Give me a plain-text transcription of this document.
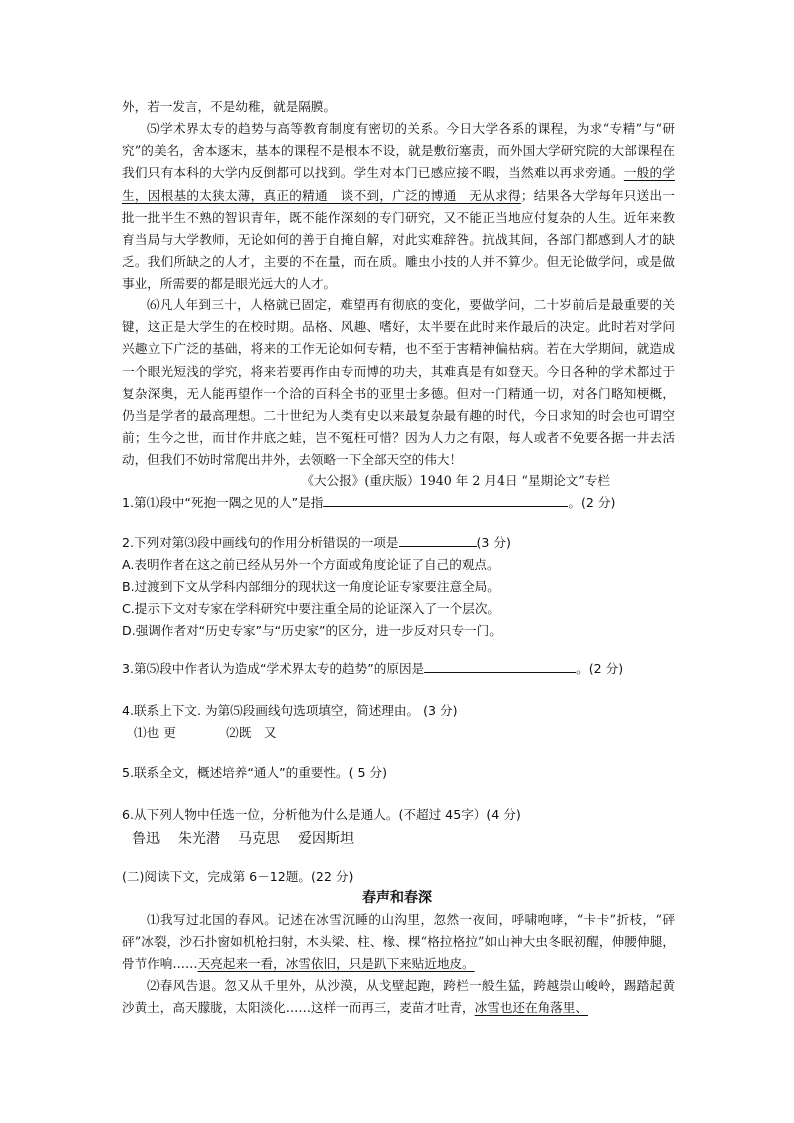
外，若一发言，不是幼稚，就是隔膜。
⑸学术界太专的趋势与高等教育制度有密切的关系。今日大学各系的课程，为求“专精”与“研究”的美名，舍本逐末，基本的课程不是根本不设，就是敷衍塞责，而外国大学研究院的大部课程在我们只有本科的大学内反倒都可以找到。学生对本门已感应接不暇，当然难以再求旁通。一般的学生，因根基的太狭太薄，真正的精通　谈不到，广泛的博通　无从求得；结果各大学每年只送出一批一批半生不熟的智识青年，既不能作深刻的专门研究，又不能正当地应付复杂的人生。近年来教育当局与大学教师，无论如何的善于自掩自解，对此实难辞咎。抗战其间，各部门都感到人才的缺乏。我们所缺之的人才，主要的不在量，而在质。雕虫小技的人并不算少。但无论做学问，或是做事业，所需要的都是眼光远大的人才。
⑹凡人年到三十，人格就已固定，难望再有彻底的变化，要做学问，二十岁前后是最重要的关键，这正是大学生的在校时期。品格、风趣、嗜好，太半要在此时来作最后的决定。此时若对学问兴趣立下广泛的基础，将来的工作无论如何专精，也不至于害精神偏枯病。若在大学期间，就造成一个眼光短浅的学究，将来若要再作由专而博的功夫，其难真是有如登天。今日各种的学术都过于复杂深奥，无人能再望作一个洽的百科全书的亚里士多德。但对一门精通一切，对各门略知梗概，仍当是学者的最高理想。二十世纪为人类有史以来最复杂最有趣的时代，今日求知的时会也可谓空前；生今之世，而甘作井底之蛙，岂不冤枉可惜？因为人力之有限，每人或者不免要各据一井去活动，但我们不妨时常爬出井外，去领略一下全部天空的伟大！
《大公报》(重庆版）1940 年 2 月4日 “星期论文”专栏
1.第⑴段中“死抱一隅之见的人”是指	。(2 分)
2.下列对第⑶段中画线句的作用分析错误的一项是	(3 分)
A.表明作者在这之前已经从另外一个方面或角度论证了自己的观点。
B.过渡到下文从学科内部细分的现状这一角度论证专家要注意全局。
C.提示下文对专家在学科研究中要注重全局的论证深入了一个层次。
D.强调作者对“历史专家”与“历史家”的区分，进一步反对只专一门。
3.第⑸段中作者认为造成“学术界太专的趋势”的原因是	。(2 分)
4.联系上下文. 为第⑸段画线句选项填空，简述理由。 (3 分)
⑴也 更　　　　⑵既　又
5.联系全文，概述培养“通人”的重要性。( 5 分)
6.从下列人物中任选一位，分析他为什么是通人。(不超过 45字）(4 分)
鲁迅 朱光潜 马克思 爱因斯坦
(二)阅读下文，完成第 6－12题。(22 分)
春声和春深
⑴我写过北国的春风。记述在冰雪沉睡的山沟里，忽然一夜间，呼啸咆哮，“卡卡”折枝，“砰砰”冰裂，沙石扑窗如机枪扫射，木头梁、柱、椽、棵“格拉格拉”如山神大虫冬眠初醒，伸腰伸腿，骨节作响……天亮起来一看，冰雪依旧，只是趴下来贴近地皮。
⑵春风告退。忽又从千里外，从沙漠，从戈壁起跑，跨栏一般生猛，跨越崇山峻岭，踢踏起黄沙黄土，高天朦胧，太阳淡化……这样一而再三，麦苗才吐青，冰雪也还在角落里、
